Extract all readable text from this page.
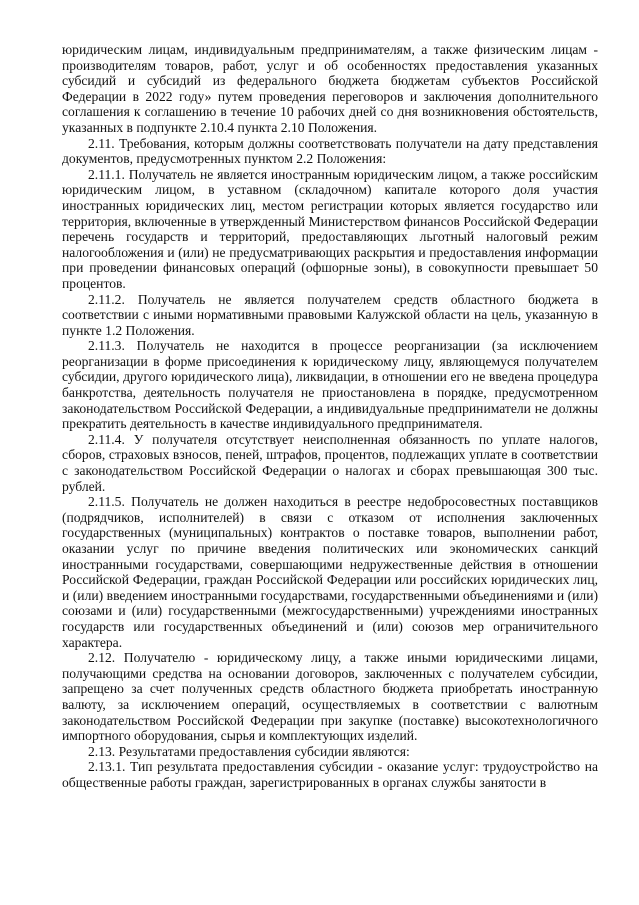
юридическим лицам, индивидуальным предпринимателям, а также физическим лицам - производителям товаров, работ, услуг и об особенностях предоставления указанных субсидий и субсидий из федерального бюджета бюджетам субъектов Российской Федерации в 2022 году» путем проведения переговоров и заключения дополнительного соглашения к соглашению в течение 10 рабочих дней со дня возникновения обстоятельств, указанных в подпункте 2.10.4 пункта 2.10 Положения.

2.11. Требования, которым должны соответствовать получатели на дату представления документов, предусмотренных пунктом 2.2 Положения:

2.11.1. Получатель не является иностранным юридическим лицом, а также российским юридическим лицом, в уставном (складочном) капитале которого доля участия иностранных юридических лиц, местом регистрации которых является государство или территория, включенные в утвержденный Министерством финансов Российской Федерации перечень государств и территорий, предоставляющих льготный налоговый режим налогообложения и (или) не предусматривающих раскрытия и предоставления информации при проведении финансовых операций (офшорные зоны), в совокупности превышает 50 процентов.

2.11.2. Получатель не является получателем средств областного бюджета в соответствии с иными нормативными правовыми Калужской области на цель, указанную в пункте 1.2 Положения.

2.11.3. Получатель не находится в процессе реорганизации (за исключением реорганизации в форме присоединения к юридическому лицу, являющемуся получателем субсидии, другого юридического лица), ликвидации, в отношении его не введена процедура банкротства, деятельность получателя не приостановлена в порядке, предусмотренном законодательством Российской Федерации, а индивидуальные предприниматели не должны прекратить деятельность в качестве индивидуального предпринимателя.

2.11.4. У получателя отсутствует неисполненная обязанность по уплате налогов, сборов, страховых взносов, пеней, штрафов, процентов, подлежащих уплате в соответствии с законодательством Российской Федерации о налогах и сборах превышающая 300 тыс. рублей.

2.11.5. Получатель не должен находиться в реестре недобросовестных поставщиков (подрядчиков, исполнителей) в связи с отказом от исполнения заключенных государственных (муниципальных) контрактов о поставке товаров, выполнении работ, оказании услуг по причине введения политических или экономических санкций иностранными государствами, совершающими недружественные действия в отношении Российской Федерации, граждан Российской Федерации или российских юридических лиц, и (или) введением иностранными государствами, государственными объединениями и (или) союзами и (или) государственными (межгосударственными) учреждениями иностранных государств или государственных объединений и (или) союзов мер ограничительного характера.

2.12. Получателю - юридическому лицу, а также иными юридическими лицами, получающими средства на основании договоров, заключенных с получателем субсидии, запрещено за счет полученных средств областного бюджета приобретать иностранную валюту, за исключением операций, осуществляемых в соответствии с валютным законодательством Российской Федерации при закупке (поставке) высокотехнологичного импортного оборудования, сырья и комплектующих изделий.

2.13. Результатами предоставления субсидии являются:

2.13.1. Тип результата предоставления субсидии - оказание услуг: трудоустройство на общественные работы граждан, зарегистрированных в органах службы занятости в
